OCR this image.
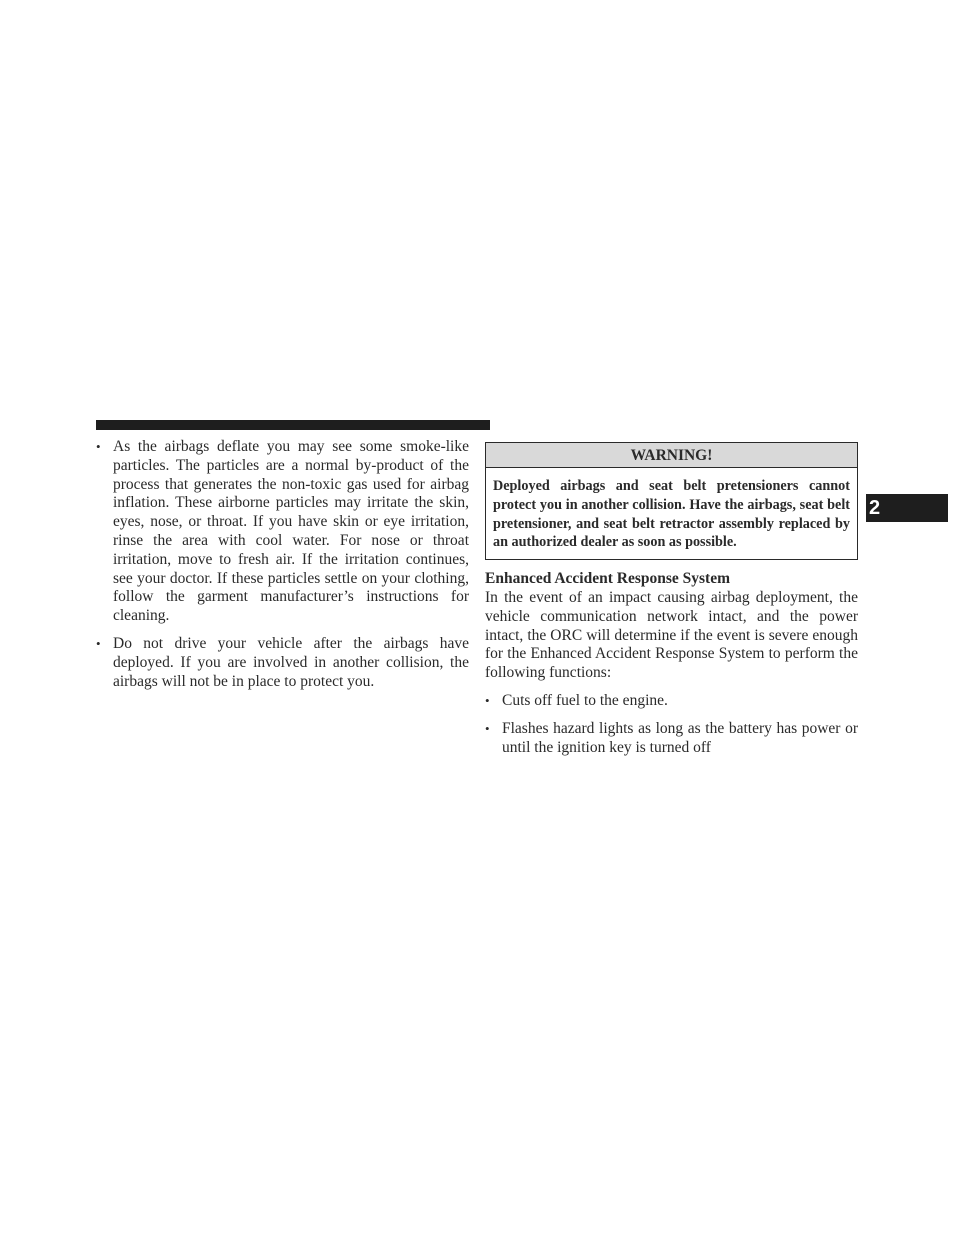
• As the airbags deflate you may see some smoke-like particles. The particles are a normal by-product of the process that generates the non-toxic gas used for airbag inflation. These airborne particles may irritate the skin, eyes, nose, or throat. If you have skin or eye irritation, rinse the area with cool water. For nose or throat irritation, move to fresh air. If the irritation continues, see your doctor. If these particles settle on your clothing, follow the garment manufacturer’s instructions for cleaning.
• Do not drive your vehicle after the airbags have deployed. If you are involved in another collision, the airbags will not be in place to protect you.
WARNING!
Deployed airbags and seat belt pretensioners cannot protect you in another collision. Have the airbags, seat belt pretensioner, and seat belt retractor assembly replaced by an authorized dealer as soon as possible.
Enhanced Accident Response System

In the event of an impact causing airbag deployment, the vehicle communication network intact, and the power intact, the ORC will determine if the event is severe enough for the Enhanced Accident Response System to perform the following functions:

• Cuts off fuel to the engine.
• Flashes hazard lights as long as the battery has power or until the ignition key is turned off
2
